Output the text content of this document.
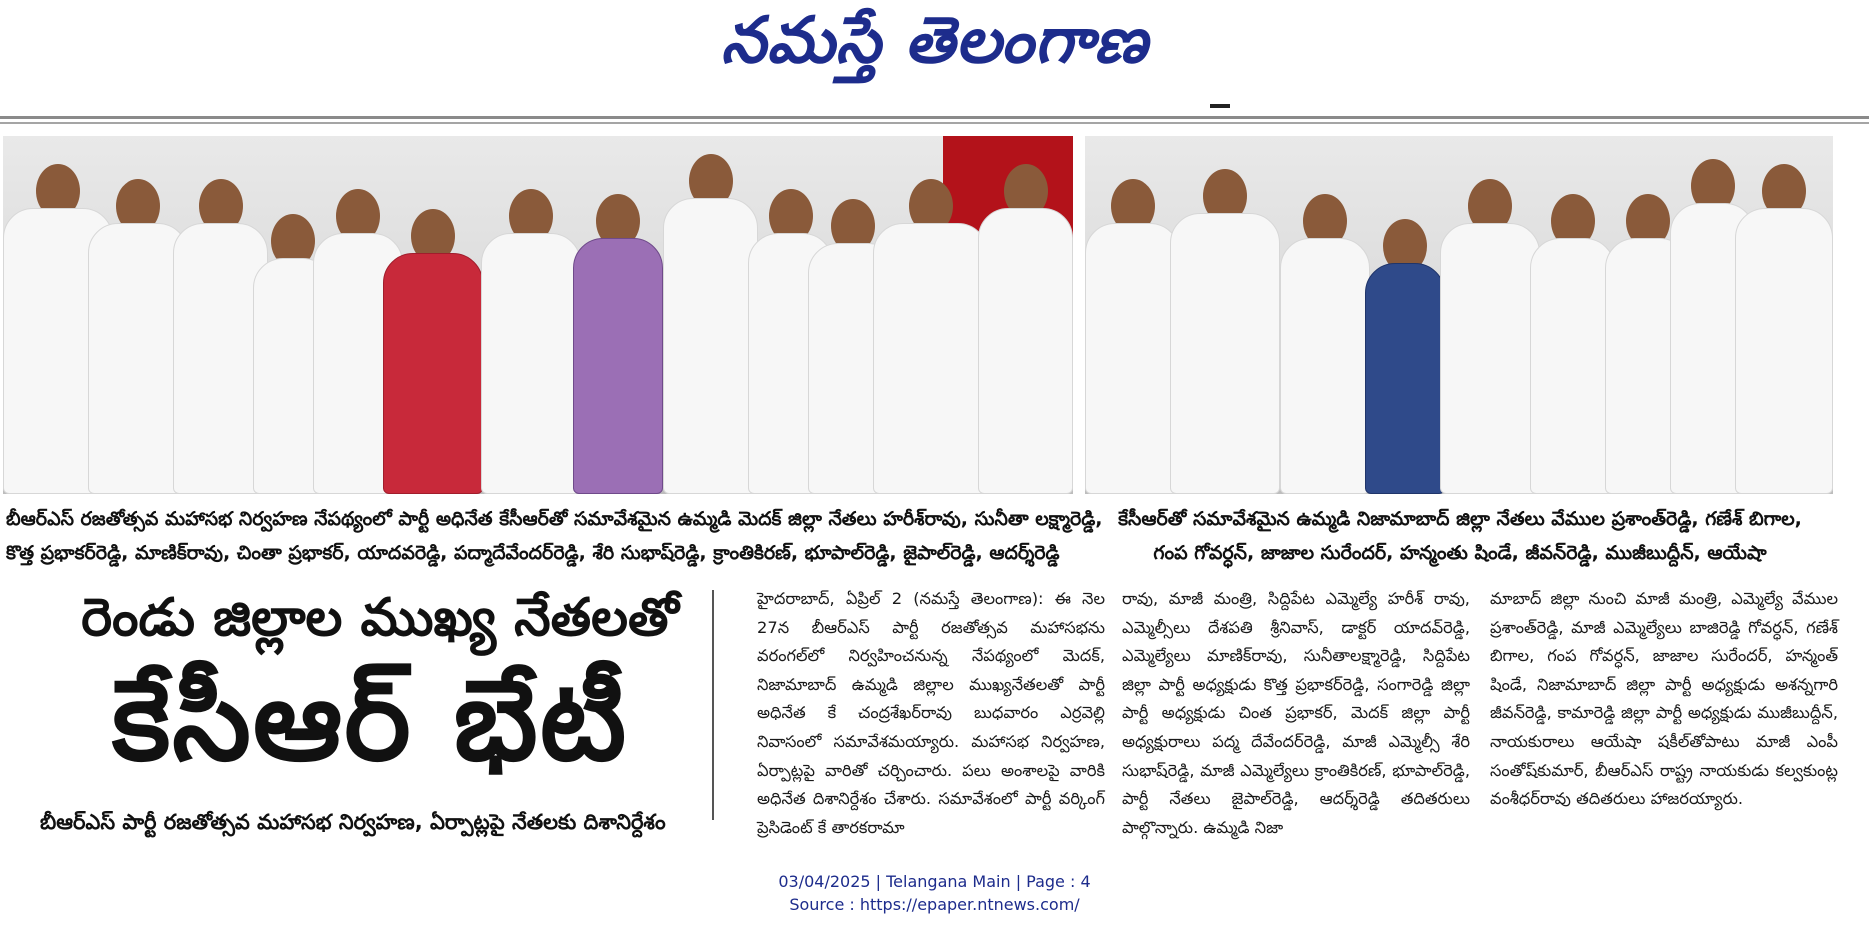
నమస్తే తెలంగాణ
బీఆర్‌ఎస్ రజతోత్సవ మహాసభ నిర్వహణ నేపథ్యంలో పార్టీ అధినేత కేసీఆర్‌తో సమావేశమైన ఉమ్మడి మెదక్ జిల్లా నేతలు హరీశ్‌రావు, సునీతా లక్ష్మారెడ్డి,
కొత్త ప్రభాకర్‌రెడ్డి, మాణిక్‌రావు, చింతా ప్రభాకర్, యాదవరెడ్డి, పద్మాదేవేందర్‌రెడ్డి, శేరి సుభాష్‌రెడ్డి, క్రాంతికిరణ్, భూపాల్‌రెడ్డి, జైపాల్‌రెడ్డి, ఆదర్శ్‌రెడ్డి
కేసీఆర్‌తో సమావేశమైన ఉమ్మడి నిజామాబాద్ జిల్లా నేతలు వేముల ప్రశాంత్‌రెడ్డి, గణేశ్ బిగాల,
గంప గోవర్ధన్, జాజాల సురేందర్, హన్మంతు షిండే, జీవన్‌రెడ్డి, ముజీబుద్దీన్, ఆయేషా
రెండు జిల్లాల ముఖ్య నేతలతో
కేసీఆర్ భేటీ
బీఆర్‌ఎస్ పార్టీ రజతోత్సవ మహాసభ నిర్వహణ, ఏర్పాట్లపై నేతలకు దిశానిర్దేశం
హైదరాబాద్, ఏప్రిల్ 2 (నమస్తే తెలంగాణ): ఈ నెల 27న బీఆర్‌ఎస్ పార్టీ రజతోత్సవ మహాసభను వరంగల్‌లో నిర్వహించనున్న నేపథ్యంలో మెదక్, నిజామాబాద్ ఉమ్మడి జిల్లాల ముఖ్యనేతలతో పార్టీ అధినేత కే చంద్రశేఖర్‌రావు బుధవారం ఎర్రవెల్లి నివాసంలో సమావేశమయ్యారు. మహాసభ నిర్వహణ, ఏర్పాట్లపై వారితో చర్చించారు. పలు అంశాలపై వారికి అధినేత దిశానిర్దేశం చేశారు. సమావేశంలో పార్టీ వర్కింగ్ ప్రెసిడెంట్ కే తారకరామా
రావు, మాజీ మంత్రి, సిద్దిపేట ఎమ్మెల్యే హరీశ్ రావు, ఎమ్మెల్సీలు దేశపతి శ్రీనివాస్, డాక్టర్ యాదవ్‌రెడ్డి, ఎమ్మెల్యేలు మాణిక్‌రావు, సునీతాలక్ష్మారెడ్డి, సిద్దిపేట జిల్లా పార్టీ అధ్యక్షుడు కొత్త ప్రభాకర్‌రెడ్డి, సంగారెడ్డి జిల్లా పార్టీ అధ్యక్షుడు చింత ప్రభాకర్, మెదక్ జిల్లా పార్టీ అధ్యక్షురాలు పద్మ దేవేందర్‌రెడ్డి, మాజీ ఎమ్మెల్సీ శేరి సుభాష్‌రెడ్డి, మాజీ ఎమ్మెల్యేలు క్రాంతికిరణ్, భూపాల్‌రెడ్డి, పార్టీ నేతలు జైపాల్‌రెడ్డి, ఆదర్శ్‌రెడ్డి తదితరులు పాల్గొన్నారు. ఉమ్మడి నిజా
మాబాద్ జిల్లా నుంచి మాజీ మంత్రి, ఎమ్మెల్యే వేముల ప్రశాంత్‌రెడ్డి, మాజీ ఎమ్మెల్యేలు బాజిరెడ్డి గోవర్ధన్, గణేశ్ బిగాల, గంప గోవర్ధన్, జాజాల సురేందర్, హన్మంత్ షిండే, నిజామాబాద్ జిల్లా పార్టీ అధ్యక్షుడు అశన్నగారి జీవన్‌రెడ్డి, కామారెడ్డి జిల్లా పార్టీ అధ్యక్షుడు ముజీబుద్దీన్, నాయకురాలు ఆయేషా షకీల్‌తోపాటు మాజీ ఎంపీ సంతోష్‌కుమార్, బీఆర్‌ఎస్ రాష్ట్ర నాయకుడు కల్వకుంట్ల వంశీధర్‌రావు తదితరులు హాజరయ్యారు.
03/04/2025 | Telangana Main | Page : 4
Source : https://epaper.ntnews.com/
